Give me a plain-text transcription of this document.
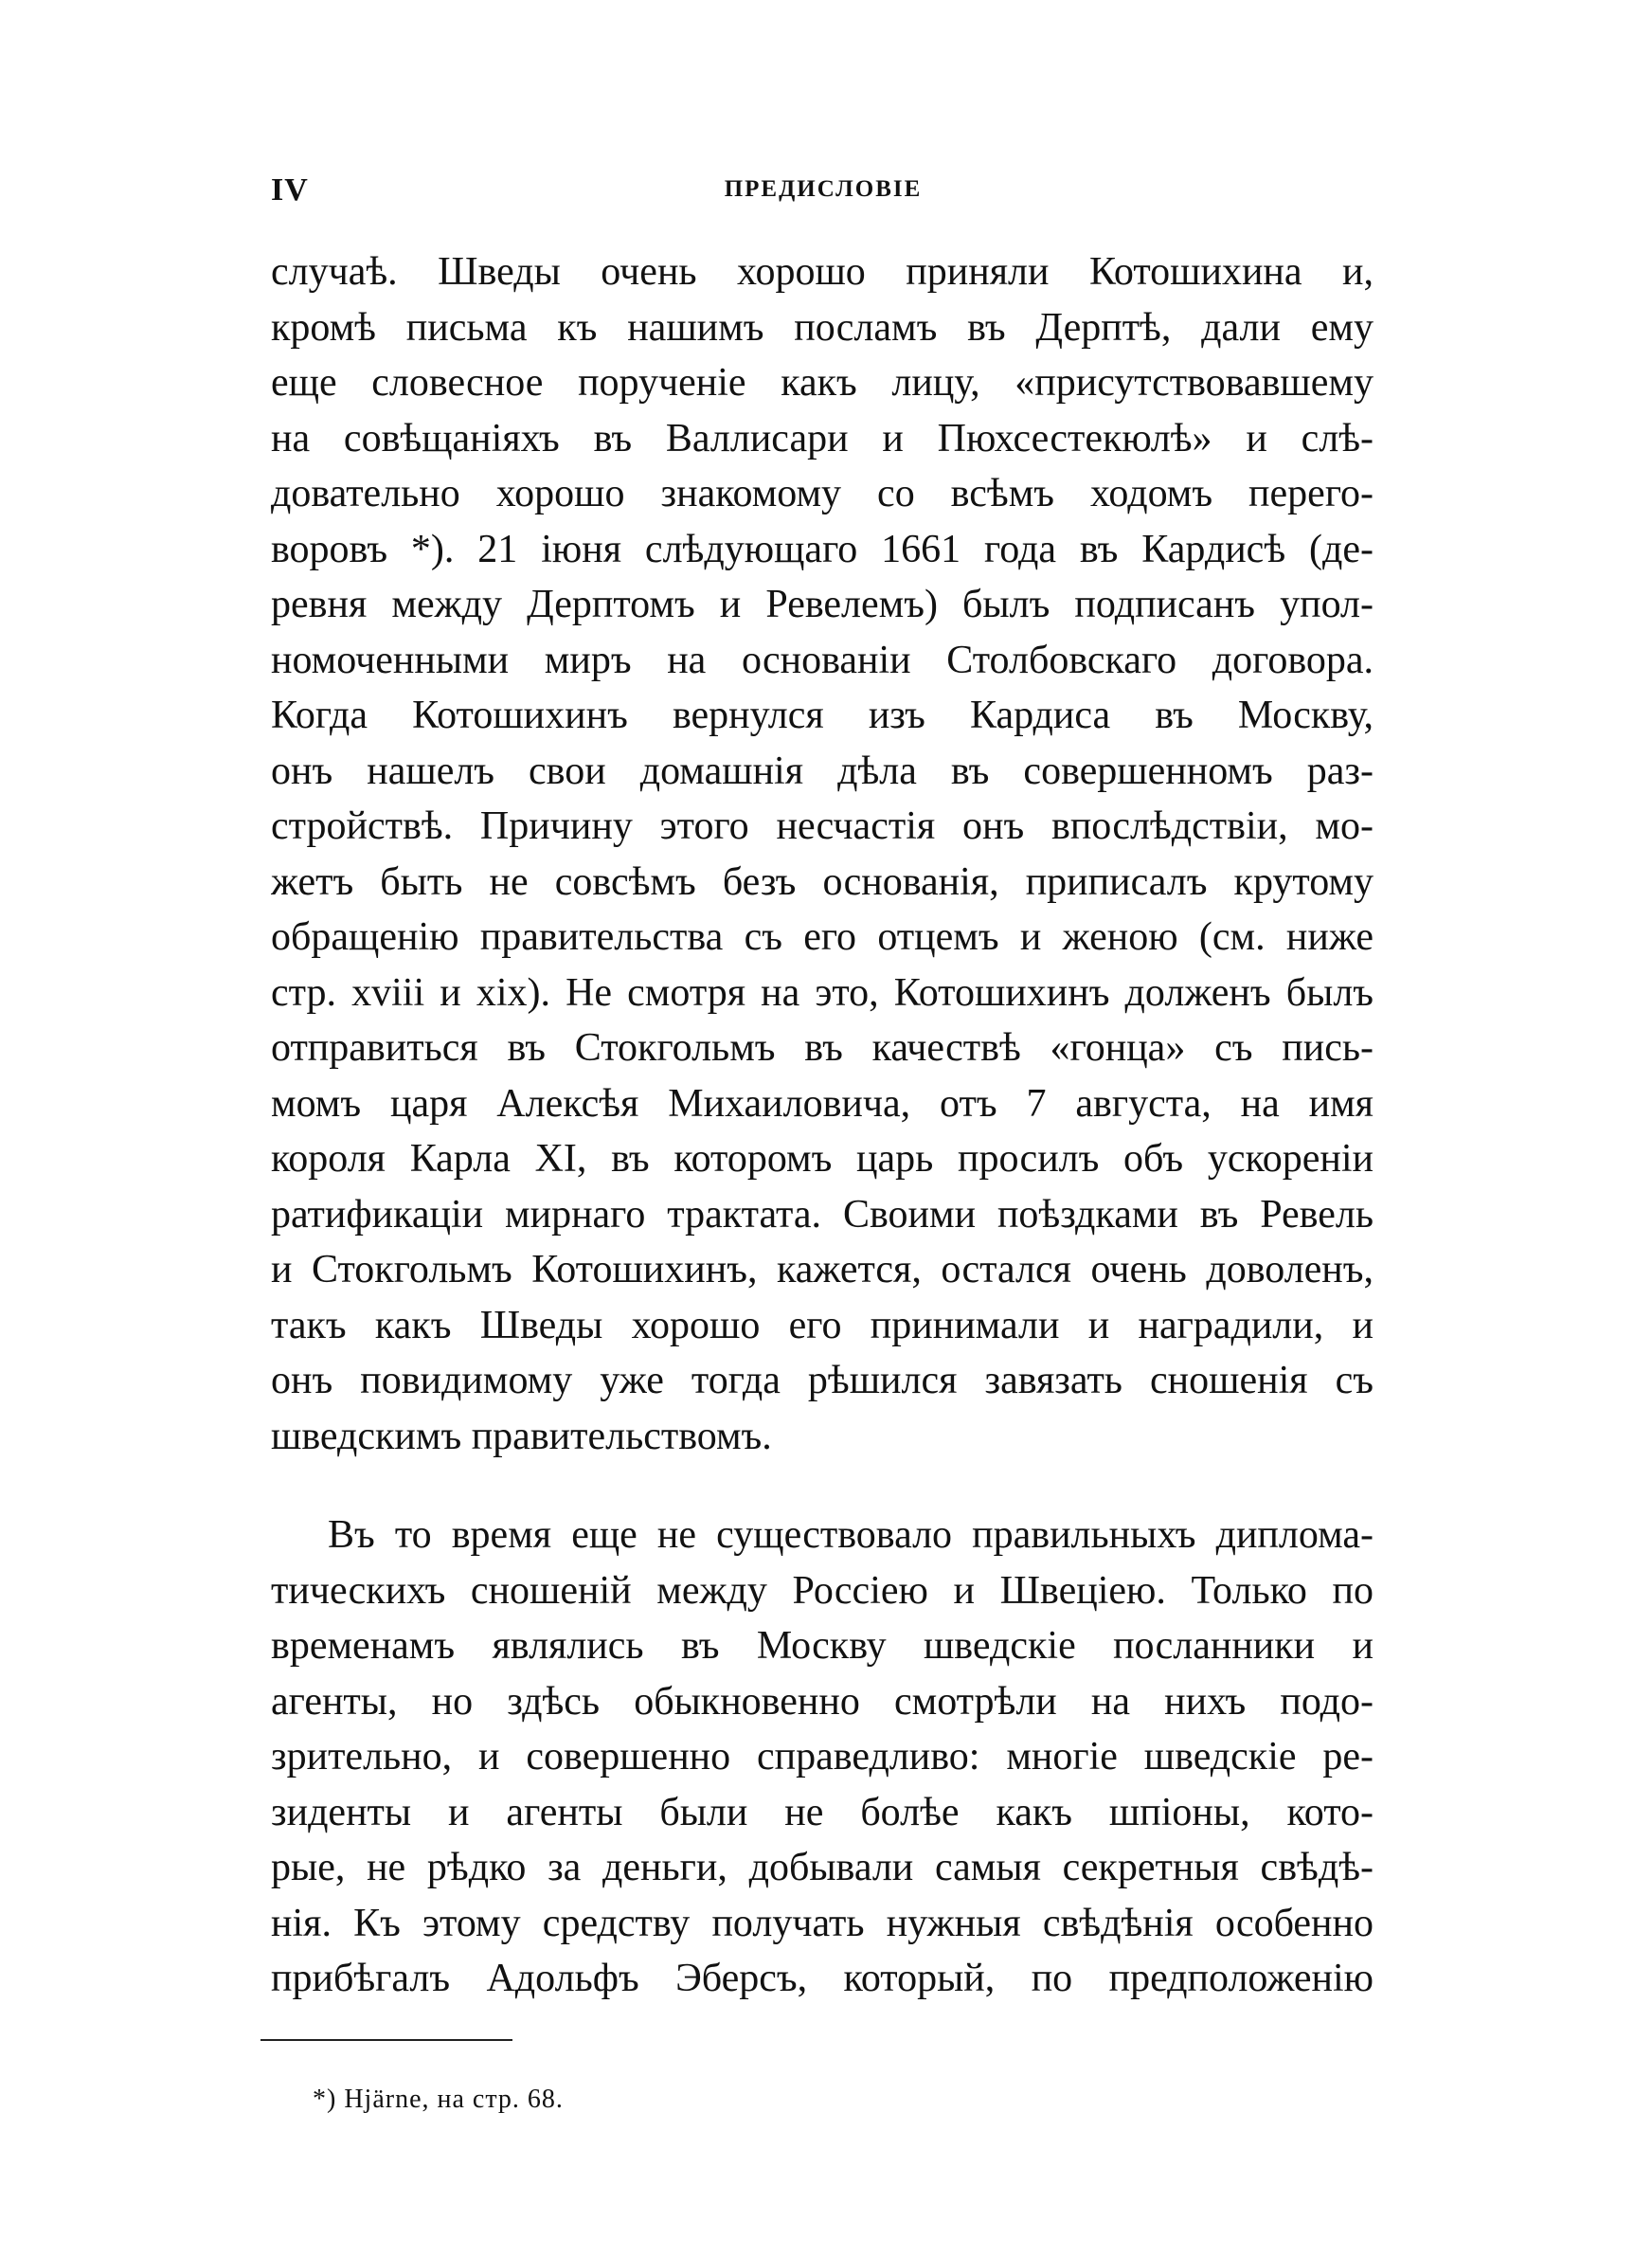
IV	ПРЕДИСЛОВІЕ
случаѣ. Шведы очень хорошо приняли Котошихина и,
кромѣ письма къ нашимъ посламъ въ Дерптѣ, дали ему
еще словесное порученіе какъ лицу, «присутствовавшему
на совѣщаніяхъ въ Валлисари и Пюхсестекюлѣ» и слѣ-
довательно хорошо знакомому со всѣмъ ходомъ перего-
воровъ *). 21 іюня слѣдующаго 1661 года въ Кардисѣ (де-
ревня между Дерптомъ и Ревелемъ) былъ подписанъ упол-
номоченными миръ на основаніи Столбовскаго договора.
Когда Котошихинъ вернулся изъ Кардиса въ Москву,
онъ нашелъ свои домашнія дѣла въ совершенномъ раз-
стройствѣ. Причину этого несчастія онъ впослѣдствіи, мо-
жетъ быть не совсѣмъ безъ основанія, приписалъ крутому
обращенію правительства съ его отцемъ и женою (см. ниже
стр. xviii и xix). Не смотря на это, Котошихинъ долженъ былъ
отправиться въ Стокгольмъ въ качествѣ «гонца» съ пись-
момъ царя Алексѣя Михаиловича, отъ 7 августа, на имя
короля Карла XI, въ которомъ царь просилъ объ ускореніи
ратификаціи мирнаго трактата. Своими поѣздками въ Ревель
и Стокгольмъ Котошихинъ, кажется, остался очень доволенъ,
такъ какъ Шведы хорошо его принимали и наградили, и
онъ повидимому уже тогда рѣшился завязать сношенія съ
шведскимъ правительствомъ.
Въ то время еще не существовало правильныхъ диплома-
тическихъ сношеній между Россіею и Швеціею. Только по
временамъ являлись въ Москву шведскіе посланники и
агенты, но здѣсь обыкновенно смотрѣли на нихъ подо-
зрительно, и совершенно справедливо: многіе шведскіе ре-
зиденты и агенты были не болѣе какъ шпіоны, кото-
рые, не рѣдко за деньги, добывали самыя секретныя свѣдѣ-
нія. Къ этому средству получать нужныя свѣдѣнія особенно
прибѣгалъ Адольфъ Эберсъ, который, по предположенію
*) Hjärne, на стр. 68.
